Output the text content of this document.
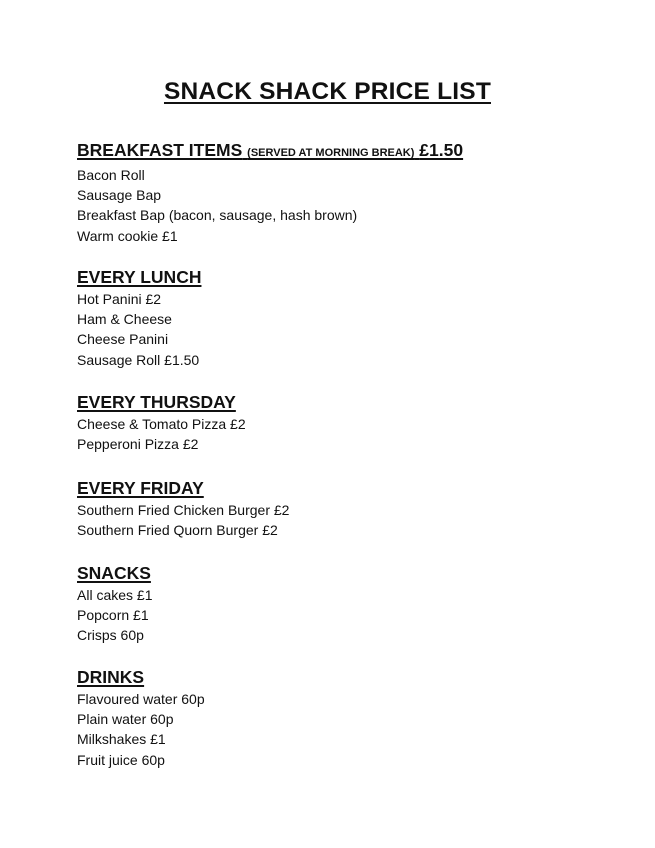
SNACK SHACK PRICE LIST
BREAKFAST ITEMS (SERVED AT MORNING BREAK) £1.50
Bacon Roll
Sausage Bap
Breakfast Bap (bacon, sausage, hash brown)
Warm cookie £1
EVERY LUNCH
Hot Panini £2
Ham & Cheese
Cheese Panini
Sausage Roll £1.50
EVERY THURSDAY
Cheese & Tomato Pizza £2
Pepperoni Pizza £2
EVERY FRIDAY
Southern Fried Chicken Burger £2
Southern Fried Quorn Burger £2
SNACKS
All cakes £1
Popcorn £1
Crisps 60p
DRINKS
Flavoured water 60p
Plain water 60p
Milkshakes £1
Fruit juice 60p
